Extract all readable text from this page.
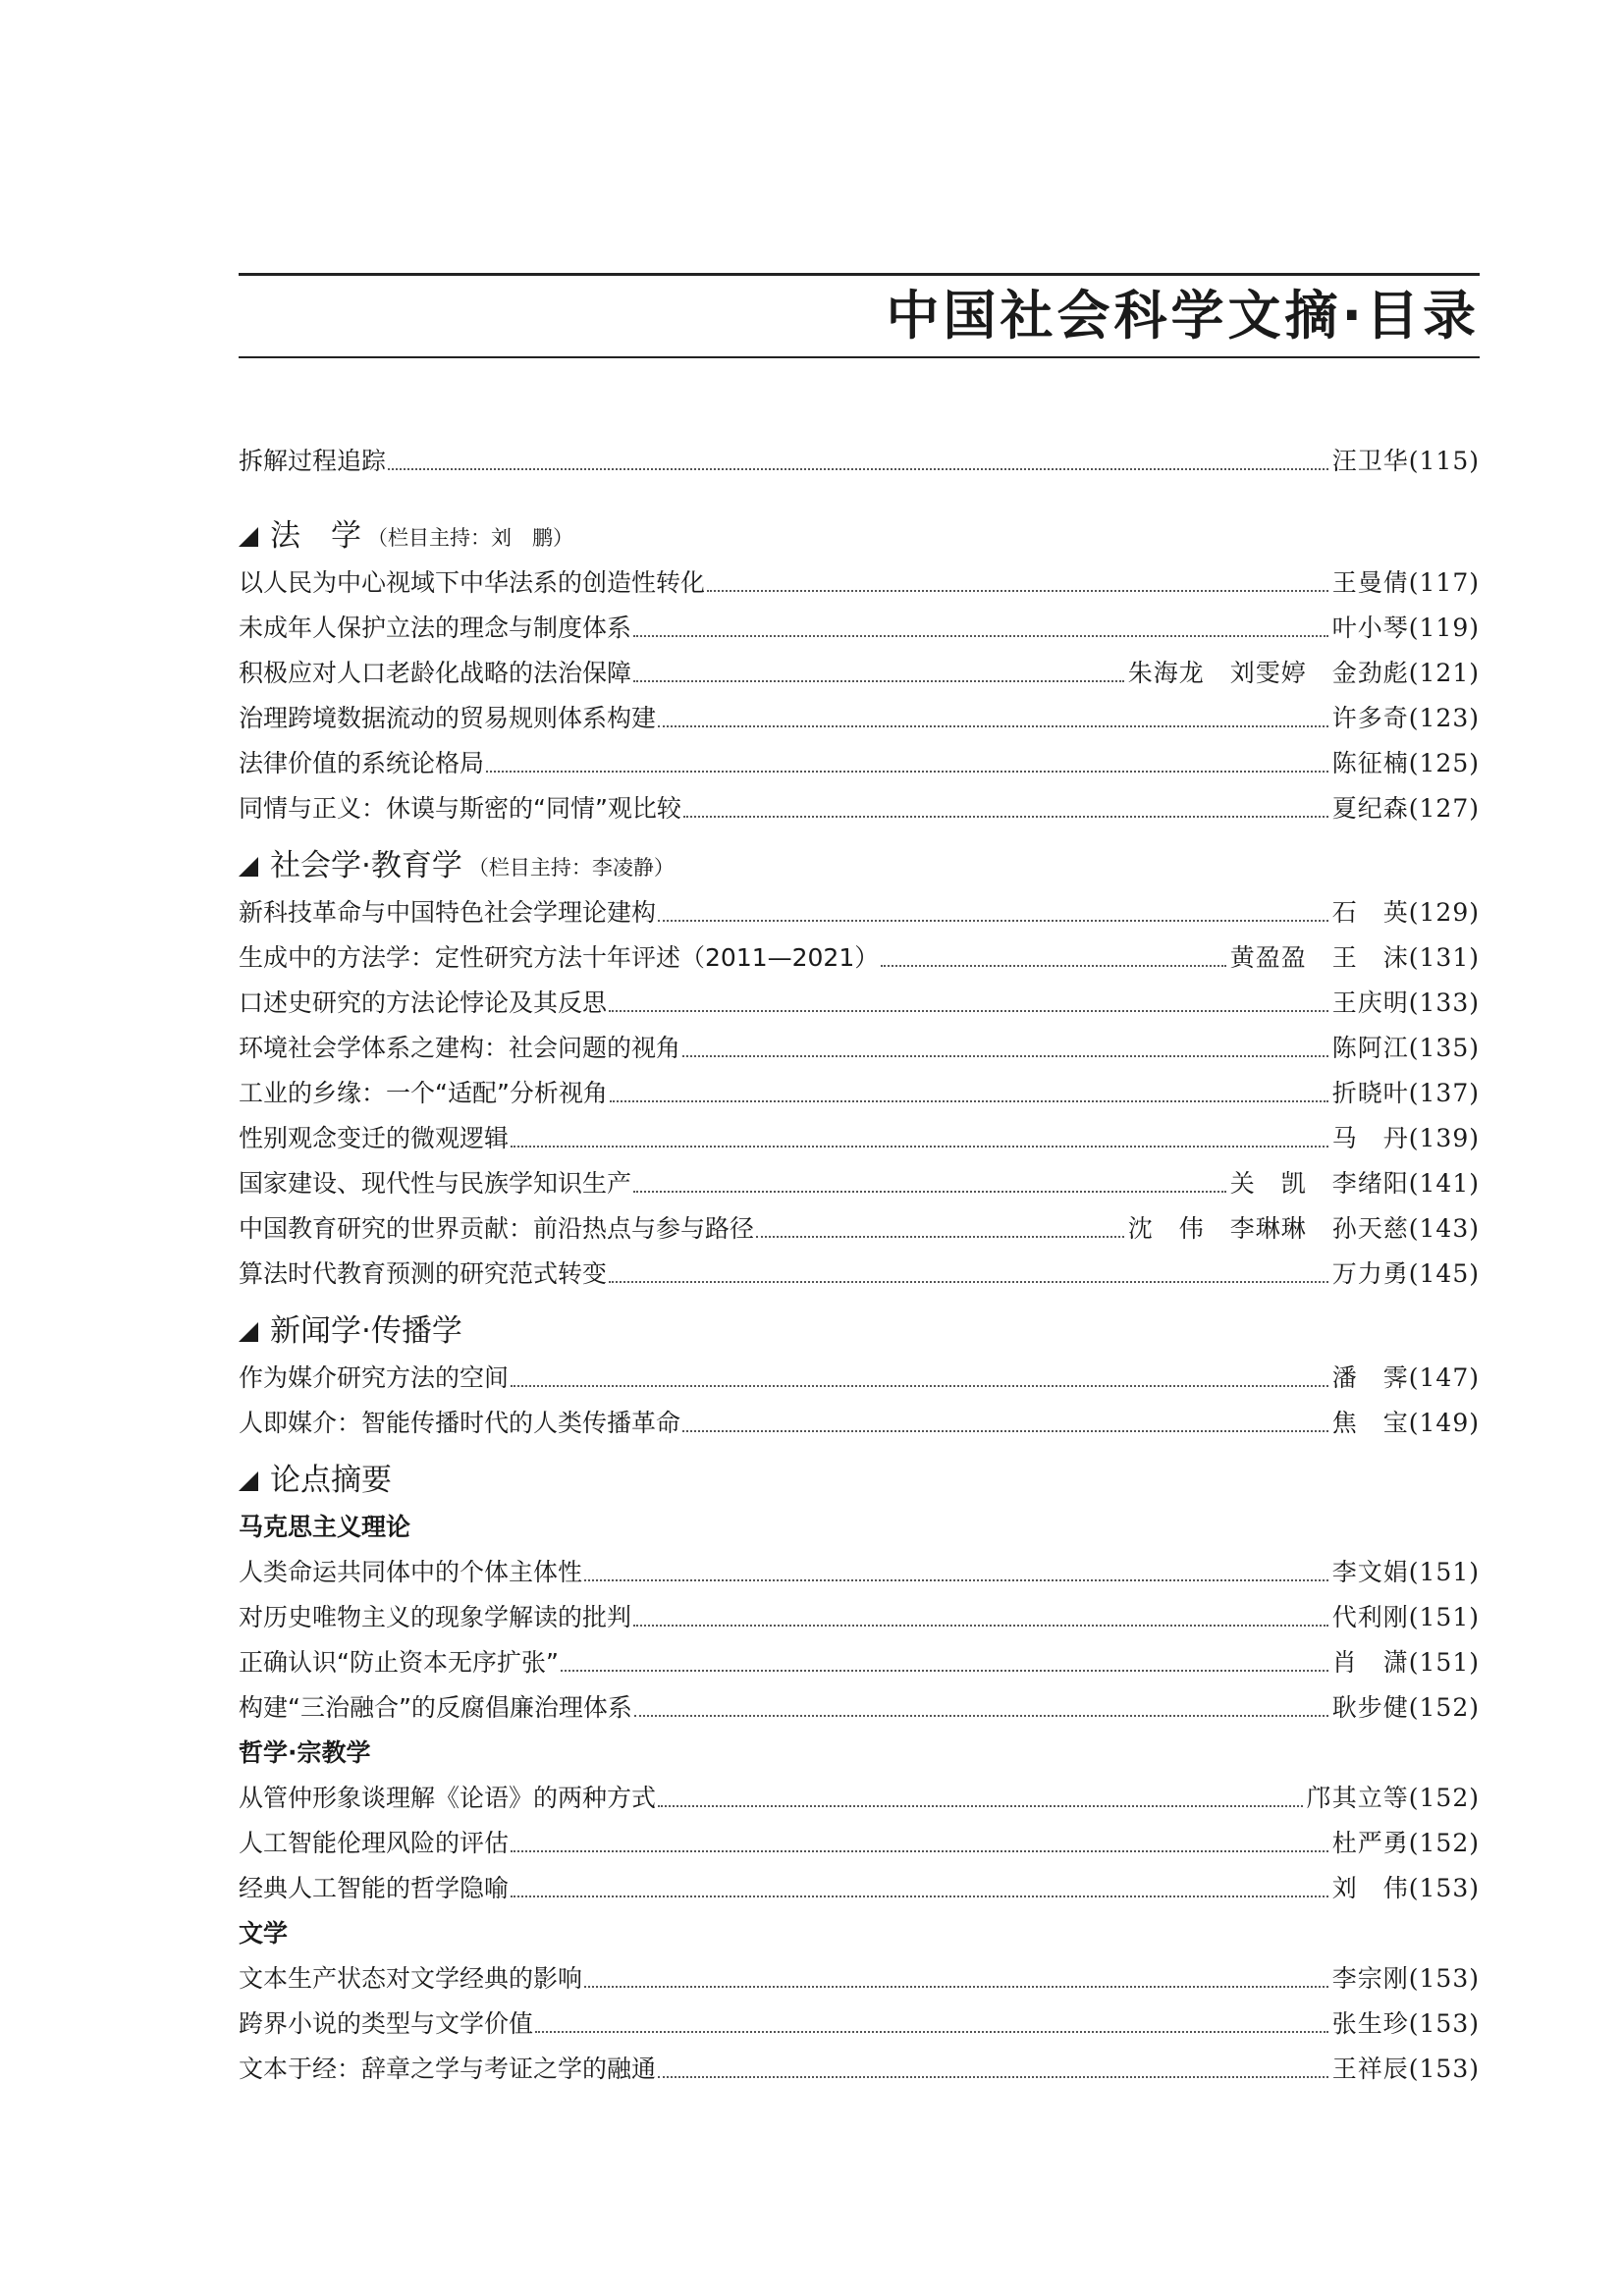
中国社会科学文摘·目录
拆解过程追踪	汪卫华(115)
法　学 （栏目主持：刘　鹏）
以人民为中心视域下中华法系的创造性转化	王曼倩(117)
未成年人保护立法的理念与制度体系	叶小琴(119)
积极应对人口老龄化战略的法治保障	朱海龙 刘雯婷 金劲彪(121)
治理跨境数据流动的贸易规则体系构建	许多奇(123)
法律价值的系统论格局	陈征楠(125)
同情与正义：休谟与斯密的“同情”观比较	夏纪森(127)
社会学·教育学 （栏目主持：李凌静）
新科技革命与中国特色社会学理论建构	石　英(129)
生成中的方法学：定性研究方法十年评述（2011—2021）	黄盈盈 王　沫(131)
口述史研究的方法论悖论及其反思	王庆明(133)
环境社会学体系之建构：社会问题的视角	陈阿江(135)
工业的乡缘：一个“适配”分析视角	折晓叶(137)
性别观念变迁的微观逻辑	马　丹(139)
国家建设、现代性与民族学知识生产	关　凯 李绪阳(141)
中国教育研究的世界贡献：前沿热点与参与路径	沈　伟 李琳琳 孙天慈(143)
算法时代教育预测的研究范式转变	万力勇(145)
新闻学·传播学
作为媒介研究方法的空间	潘　霁(147)
人即媒介：智能传播时代的人类传播革命	焦　宝(149)
论点摘要
马克思主义理论
人类命运共同体中的个体主体性	李文娟(151)
对历史唯物主义的现象学解读的批判	代利刚(151)
正确认识“防止资本无序扩张”	肖　潇(151)
构建“三治融合”的反腐倡廉治理体系	耿步健(152)
哲学·宗教学
从管仲形象谈理解《论语》的两种方式	邝其立等(152)
人工智能伦理风险的评估	杜严勇(152)
经典人工智能的哲学隐喻	刘　伟(153)
文学
文本生产状态对文学经典的影响	李宗刚(153)
跨界小说的类型与文学价值	张生珍(153)
文本于经：辞章之学与考证之学的融通	王祥辰(153)
